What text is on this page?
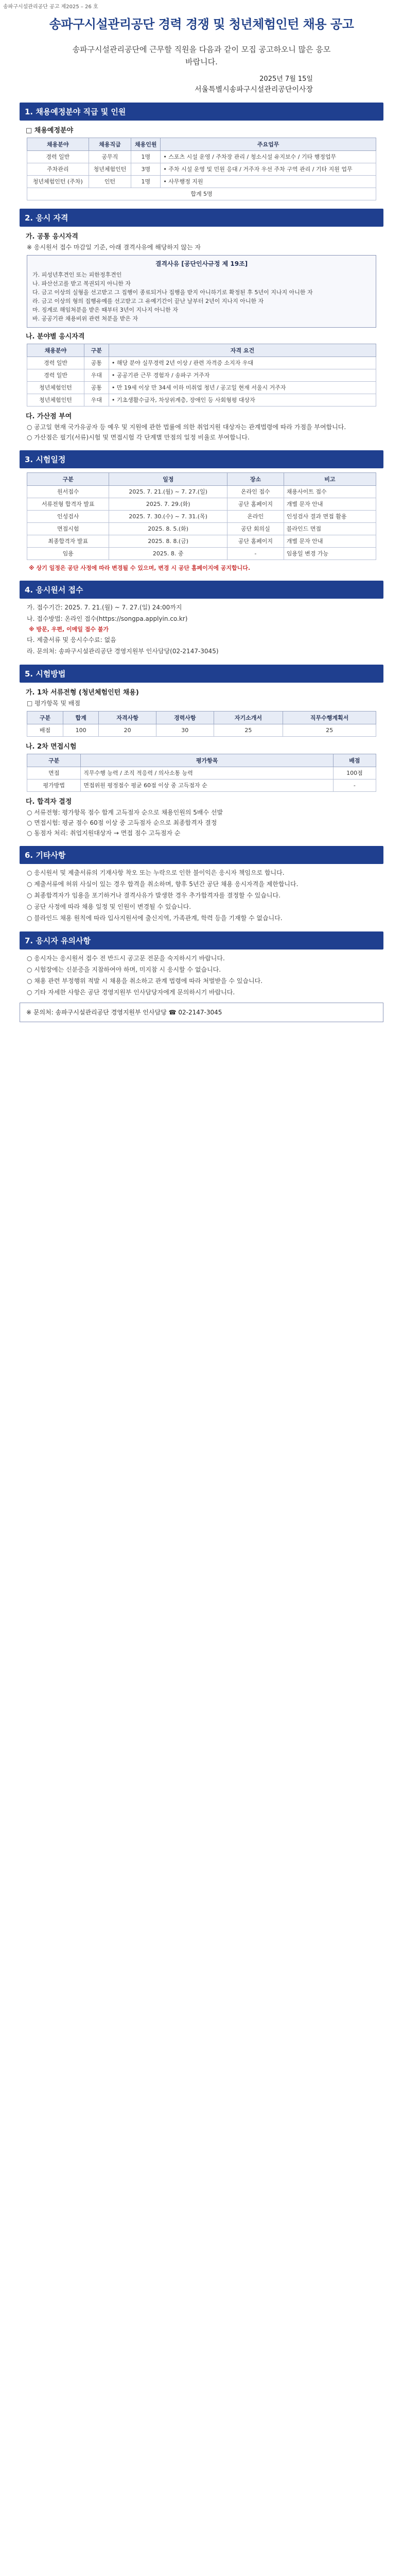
송파구시설관리공단 공고 제2025 – 26 호
송파구시설관리공단 경력 경쟁 및 청년체험인턴 채용 공고
송파구시설관리공단에 근무할 직원을 다음과 같이 모집 공고하오니 많은 응모 바랍니다.
2025년 7월 15일
서울특별시송파구시설관리공단이사장
1. 채용예정분야 직급 및 인원
□ 채용예정분야
채용분야	채용직급	채용인원	주요업무
경력 일반	공무직	1명	• 스포츠 시설 운영 / 주차장 관리 / 청소시설 유지보수 / 기타 행정업무
주차관리	청년체험인턴	3명	• 주차 시설 운영 및 민원 응대 / 거주자 우선 주차 구역 관리 / 기타 지원 업무
청년체험인턴 (주차)	인턴	1명	• 사무행정 지원
합계 5명			
2. 응시 자격
가. 공통 응시자격
※ 응시원서 접수 마감일 기준, 아래 결격사유에 해당하지 않는 자
결격사유 [공단인사규정 제 19조]
가. 피성년후견인 또는 피한정후견인
나. 파산선고를 받고 복권되지 아니한 자
다. 금고 이상의 실형을 선고받고 그 집행이 종료되거나 집행을 받지 아니하기로 확정된 후 5년이 지나지 아니한 자
라. 금고 이상의 형의 집행유예를 선고받고 그 유예기간이 끝난 날부터 2년이 지나지 아니한 자
마. 징계로 해임처분을 받은 때부터 3년이 지나지 아니한 자
바. 공공기관 채용비위 관련 처분을 받은 자
나. 분야별 응시자격
채용분야	구분	자격 요건
경력 일반	공통	• 해당 분야 실무경력 2년 이상 / 관련 자격증 소지자 우대
경력 일반	우대	• 공공기관 근무 경험자 / 송파구 거주자
청년체험인턴	공통	• 만 19세 이상 만 34세 이하 미취업 청년 / 공고일 현재 서울시 거주자
청년체험인턴	우대	• 기초생활수급자, 차상위계층, 장애인 등 사회형평 대상자
다. 가산점 부여
○ 공고일 현재 국가유공자 등 예우 및 지원에 관한 법률에 의한 취업지원 대상자는 관계법령에 따라 가점을 부여합니다.
○ 가산점은 필기(서류)시험 및 면접시험 각 단계별 만점의 일정 비율로 부여합니다.
3. 시험일정
구분	일정	장소	비고
원서접수	2025. 7. 21.(월) ~ 7. 27.(일)	온라인 접수	채용사이트 접수
서류전형 합격자 발표	2025. 7. 29.(화)	공단 홈페이지	개별 문자 안내
인성검사	2025. 7. 30.(수) ~ 7. 31.(목)	온라인	인성검사 결과 면접 활용
면접시험	2025. 8. 5.(화)	공단 회의실	블라인드 면접
최종합격자 발표	2025. 8. 8.(금)	공단 홈페이지	개별 문자 안내
임용	2025. 8. 중	-	임용일 변경 가능
※ 상기 일정은 공단 사정에 따라 변경될 수 있으며, 변경 시 공단 홈페이지에 공지합니다.
4. 응시원서 접수
가. 접수기간: 2025. 7. 21.(월) ~ 7. 27.(일) 24:00까지
나. 접수방법: 온라인 접수(https://songpa.applyin.co.kr)
※ 방문, 우편, 이메일 접수 불가
다. 제출서류 및 응시수수료: 없음
라. 문의처: 송파구시설관리공단 경영지원부 인사담당(02-2147-3045)
5. 시험방법
가. 1차 서류전형 (청년체험인턴 채용)
□ 평가항목 및 배점
구분	합계	자격사항	경력사항	자기소개서	직무수행계획서
배점	100	20	30	25	25
나. 2차 면접시험
구분	평가항목	배점
면접	직무수행 능력 / 조직 적응력 / 의사소통 능력	100점
평가방법	면접위원 평정점수 평균 60점 이상 중 고득점자 순	-
다. 합격자 결정
○ 서류전형: 평가항목 점수 합계 고득점자 순으로 채용인원의 5배수 선발
○ 면접시험: 평균 점수 60점 이상 중 고득점자 순으로 최종합격자 결정
○ 동점자 처리: 취업지원대상자 → 면접 점수 고득점자 순
6. 기타사항
○ 응시원서 및 제출서류의 기재사항 착오 또는 누락으로 인한 불이익은 응시자 책임으로 합니다.
○ 제출서류에 허위 사실이 있는 경우 합격을 취소하며, 향후 5년간 공단 채용 응시자격을 제한합니다.
○ 최종합격자가 임용을 포기하거나 결격사유가 발생한 경우 추가합격자를 결정할 수 있습니다.
○ 공단 사정에 따라 채용 일정 및 인원이 변경될 수 있습니다.
○ 블라인드 채용 원칙에 따라 입사지원서에 출신지역, 가족관계, 학력 등을 기재할 수 없습니다.
7. 응시자 유의사항
○ 응시자는 응시원서 접수 전 반드시 공고문 전문을 숙지하시기 바랍니다.
○ 시험장에는 신분증을 지참하여야 하며, 미지참 시 응시할 수 없습니다.
○ 채용 관련 부정행위 적발 시 채용을 취소하고 관계 법령에 따라 처벌받을 수 있습니다.
○ 기타 자세한 사항은 공단 경영지원부 인사담당자에게 문의하시기 바랍니다.
※ 문의처: 송파구시설관리공단 경영지원부 인사담당 ☎ 02-2147-3045
